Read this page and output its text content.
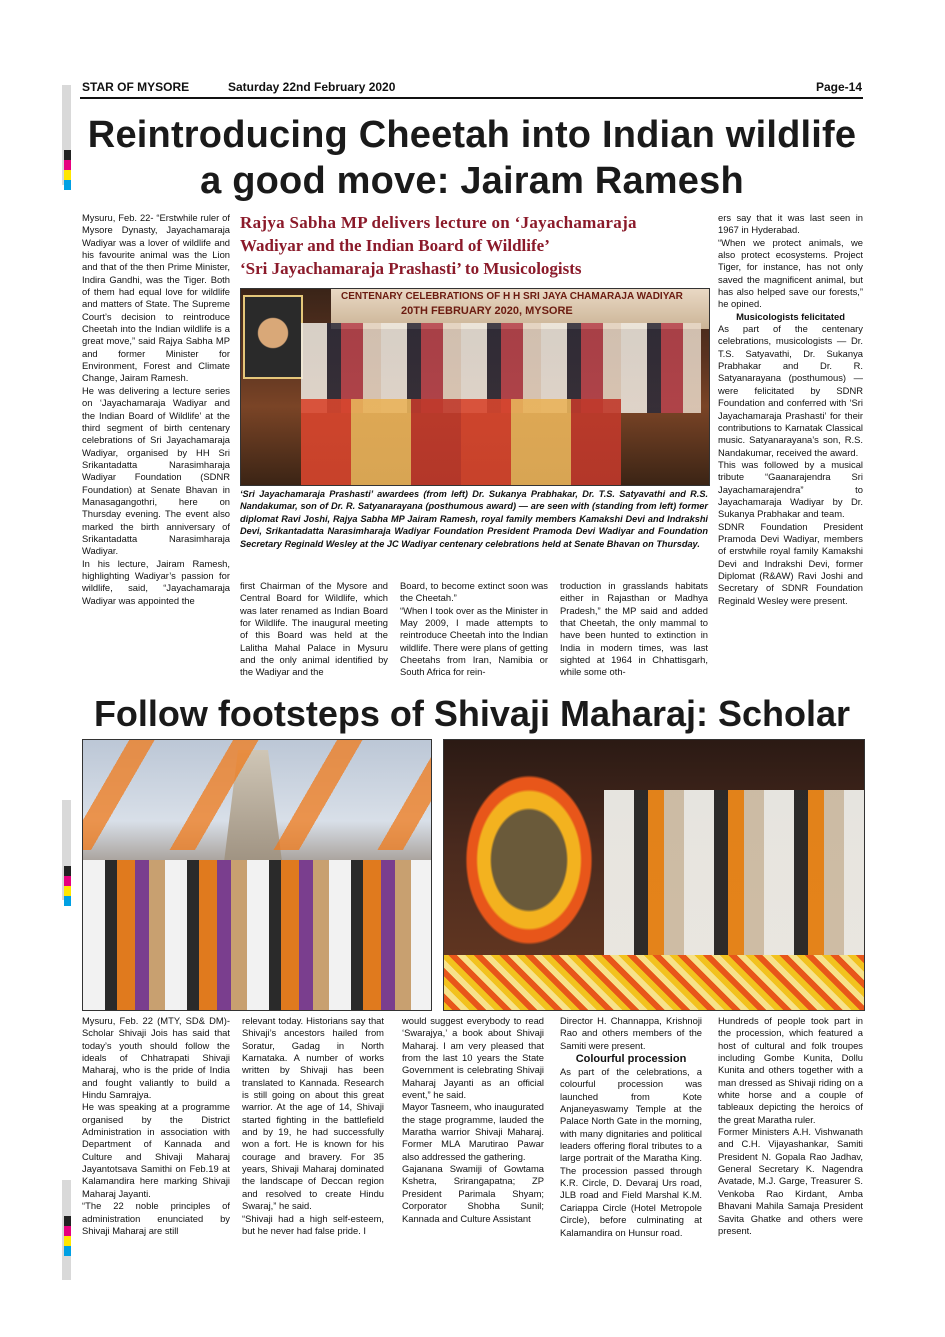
STAR OF MYSORE	Saturday 22nd February 2020	Page-14
Reintroducing Cheetah into Indian wildlife
a good move: Jairam Ramesh
Mysuru, Feb. 22- “Erstwhile ruler of Mysore Dynasty, Jayachamaraja Wadiyar was a lover of wildlife and his favourite animal was the Lion and that of the then Prime Minister, Indira Gandhi, was the Tiger. Both of them had equal love for wildlife and matters of State. The Supreme Court’s decision to reintroduce Cheetah into the Indian wildlife is a great move,” said Rajya Sabha MP and former Minister for Environment, Forest and Climate Change, Jairam Ramesh.
He was delivering a lecture series on ‘Jayachamaraja Wadiyar and the Indian Board of Wildlife’ at the third segment of birth centenary celebrations of Sri Jayachamaraja Wadiyar, organised by HH Sri Srikantadatta Narasimharaja Wadiyar Foundation (SDNR Foundation) at Senate Bhavan in Manasagangothri, here on Thursday evening. The event also marked the birth anniversary of Srikantadatta Narasimharaja Wadiyar.
In his lecture, Jairam Ramesh, highlighting Wadiyar’s passion for wildlife, said, “Jayachamaraja Wadiyar was appointed the
Rajya Sabha MP delivers lecture on ‘Jayachamaraja
Wadiyar and the Indian Board of Wildlife’
‘Sri Jayachamaraja Prashasti’ to Musicologists
CENTENARY CELEBRATIONS OF H H SRI JAYA CHAMARAJA WADIYAR
20TH FEBRUARY 2020, MYSORE
‘Sri Jayachamaraja Prashasti’ awardees (from left) Dr. Sukanya Prabhakar, Dr. T.S. Satyavathi and R.S. Nandakumar, son of Dr. R. Satyanarayana (posthumous award) — are seen with (standing from left) former diplomat Ravi Joshi, Rajya Sabha MP Jairam Ramesh, royal family members Kamakshi Devi and Indrakshi Devi, Srikantadatta Narasimharaja Wadiyar Foundation President Pramoda Devi Wadiyar and Foundation Secretary Reginald Wesley at the JC Wadiyar centenary celebrations held at Senate Bhavan on Thursday.
first Chairman of the Mysore and Central Board for Wildlife, which was later renamed as Indian Board for Wildlife. The inaugural meeting of this Board was held at the Lalitha Mahal Palace in Mysuru and the only animal identified by the Wadiyar and the
Board, to become extinct soon was the Cheetah.”
“When I took over as the Minister in May 2009, I made attempts to reintroduce Cheetah into the Indian wildlife. There were plans of getting Cheetahs from Iran, Namibia or South Africa for rein-
troduction in grasslands habitats either in Rajasthan or Madhya Pradesh,” the MP said and added that Cheetah, the only mammal to have been hunted to extinction in India in modern times, was last sighted at 1964 in Chhattisgarh, while some oth-
ers say that it was last seen in 1967 in Hyderabad.
“When we protect animals, we also protect ecosystems. Project Tiger, for instance, has not only saved the magnificent animal, but has also helped save our forests,” he opined.
Musicologists felicitated
As part of the centenary celebrations, musicologists — Dr. T.S. Satyavathi, Dr. Sukanya Prabhakar and Dr. R. Satyanarayana (posthumous) — were felicitated by SDNR Foundation and conferred with ‘Sri Jayachamaraja Prashasti’ for their contributions to Karnatak Classical music. Satyanarayana’s son, R.S. Nandakumar, received the award.
This was followed by a musical tribute “Gaanarajendra Sri Jayachamarajendra” to Jayachamaraja Wadiyar by Dr. Sukanya Prabhakar and team.
SDNR Foundation President Pramoda Devi Wadiyar, members of erstwhile royal family Kamakshi Devi and Indrakshi Devi, former Diplomat (R&AW) Ravi Joshi and Secretary of SDNR Foundation Reginald Wesley were present.
Follow footsteps of Shivaji Maharaj: Scholar
Mysuru, Feb. 22 (MTY, SD& DM)- Scholar Shivaji Jois has said that today’s youth should follow the ideals of Chhatrapati Shivaji Maharaj, who is the pride of India and fought valiantly to build a Hindu Samrajya.
He was speaking at a programme organised by the District Administration in association with Department of Kannada and Culture and Shivaji Maharaj Jayantotsava Samithi on Feb.19 at Kalamandira here marking Shivaji Maharaj Jayanti.
“The 22 noble principles of administration enunciated by Shivaji Maharaj are still
relevant today. Historians say that Shivaji’s ancestors hailed from Soratur, Gadag in North Karnataka. A number of works written by Shivaji has been translated to Kannada. Research is still going on about this great warrior. At the age of 14, Shivaji started fighting in the battlefield and by 19, he had successfully won a fort. He is known for his courage and bravery. For 35 years, Shivaji Maharaj dominated the landscape of Deccan region and resolved to create Hindu Swaraj,” he said.
“Shivaji had a high self-esteem, but he never had false pride. I
would suggest everybody to read ‘Swarajya,’ a book about Shivaji Maharaj. I am very pleased that from the last 10 years the State Government is celebrating Shivaji Maharaj Jayanti as an official event,” he said.
Mayor Tasneem, who inaugurated the stage programme, lauded the Maratha warrior Shivaji Maharaj. Former MLA Marutirao Pawar also addressed the gathering.
Gajanana Swamiji of Gowtama Kshetra, Srirangapatna; ZP President Parimala Shyam; Corporator Shobha Sunil; Kannada and Culture Assistant
Director H. Channappa, Krishnoji Rao and others members of the Samiti were present.
Colourful procession
As part of the celebrations, a colourful procession was launched from Kote Anjaneyaswamy Temple at the Palace North Gate in the morning, with many dignitaries and political leaders offering floral tributes to a large portrait of the Maratha King. The procession passed through K.R. Circle, D. Devaraj Urs road, JLB road and Field Marshal K.M. Cariappa Circle (Hotel Metropole Circle), before culminating at Kalamandira on Hunsur road.
Hundreds of people took part in the procession, which featured a host of cultural and folk troupes including Gombe Kunita, Dollu Kunita and others together with a man dressed as Shivaji riding on a white horse and a couple of tableaux depicting the heroics of the great Maratha ruler.
Former Ministers A.H. Vishwanath and C.H. Vijayashankar, Samiti President N. Gopala Rao Jadhav, General Secretary K. Nagendra Avatade, M.J. Garge, Treasurer S. Venkoba Rao Kirdant, Amba Bhavani Mahila Samaja President Savita Ghatke and others were present.
